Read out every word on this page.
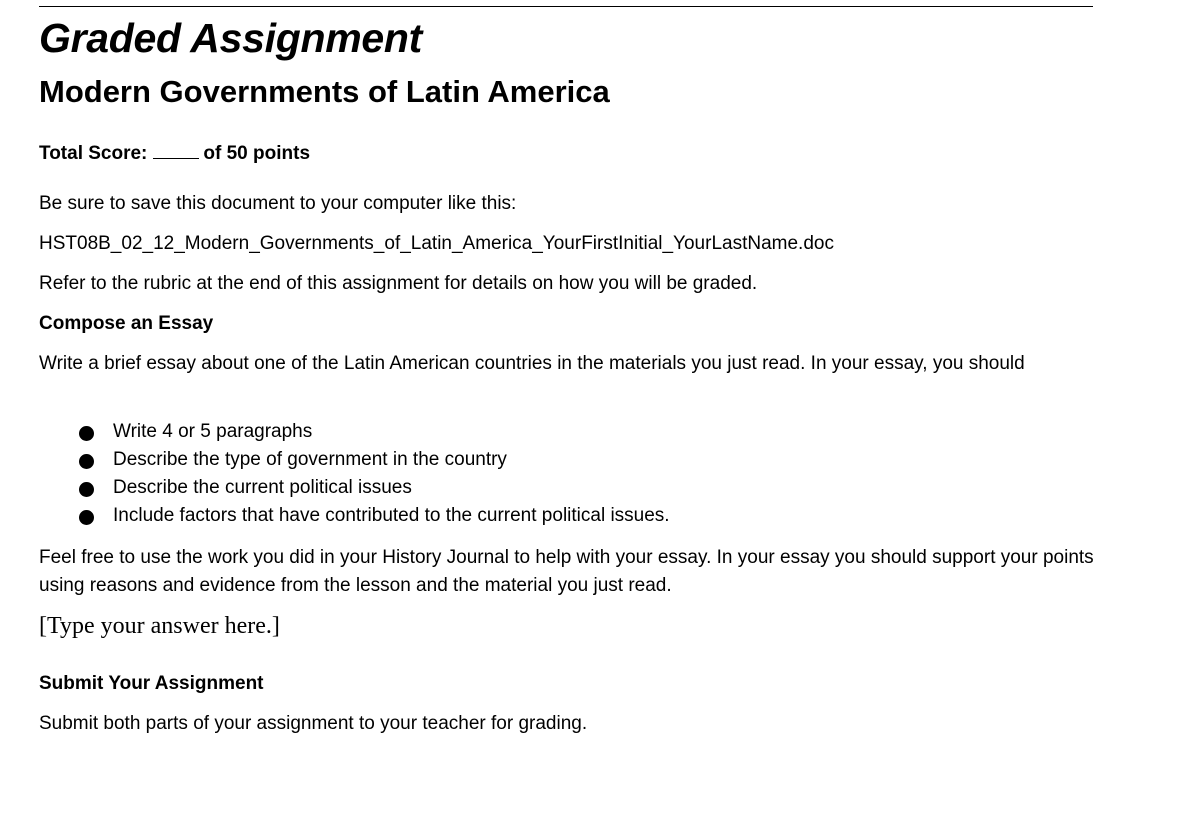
Graded Assignment
Modern Governments of Latin America

Total Score:	of 50 points

Be sure to save this document to your computer like this:

HST08B_02_12_Modern_Governments_of_Latin_America_YourFirstInitial_YourLastName.doc

Refer to the rubric at the end of this assignment for details on how you will be graded.

Compose an Essay

Write a brief essay about one of the Latin American countries in the materials you just read. In your essay, you should

Write 4 or 5 paragraphs
Describe the type of government in the country
Describe the current political issues
Include factors that have contributed to the current political issues.

Feel free to use the work you did in your History Journal to help with your essay. In your essay you should support your points using reasons and evidence from the lesson and the material you just read.

[Type your answer here.]

Submit Your Assignment

Submit both parts of your assignment to your teacher for grading.
